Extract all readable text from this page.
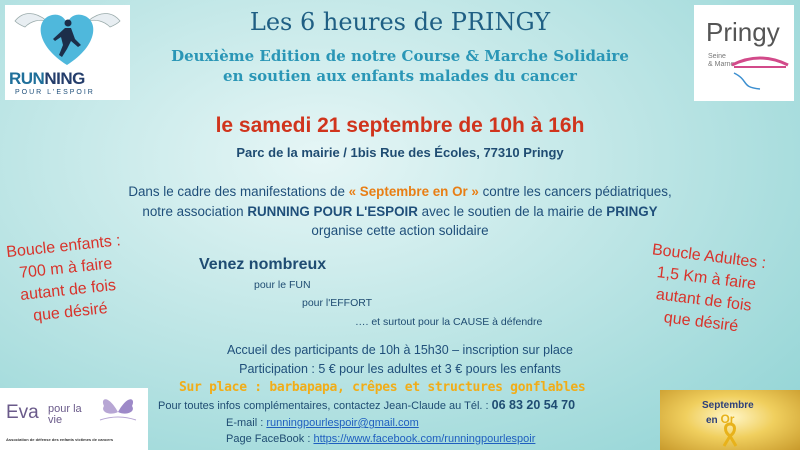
RUNNING
POUR L'ESPOIR
Pringy
Seine
& Marne
Les 6 heures de PRINGY
Deuxième Edition de notre Course & Marche Solidaire
en soutien aux enfants malades du cancer
le samedi 21 septembre de 10h à 16h
Parc de la mairie / 1bis Rue des Écoles, 77310 Pringy
Dans le cadre des manifestations de « Septembre en Or » contre les cancers pédiatriques,
notre association RUNNING POUR L'ESPOIR avec le soutien de la mairie de PRINGY
organise cette action solidaire
Boucle enfants :
700 m à faire
autant de fois
que désiré
Boucle Adultes :
1,5 Km à faire
autant de fois
que désiré
Venez nombreux
pour le FUN
pour l'EFFORT
…. et surtout pour la CAUSE à défendre
Accueil des participants de 10h à 15h30 – inscription sur place
Participation : 5 € pour les adultes et 3 € pours les enfants
Sur place : barbapapa, crêpes et structures gonflables
Pour toutes infos complémentaires, contactez Jean-Claude au Tél. : 06 83 20 54 70
E-mail : runningpourlespoir@gmail.com
Page FaceBook : https://www.facebook.com/runningpourlespoir
Eva pour la vie
Association de défense des enfants victimes de cancers
Septembre
en Or
